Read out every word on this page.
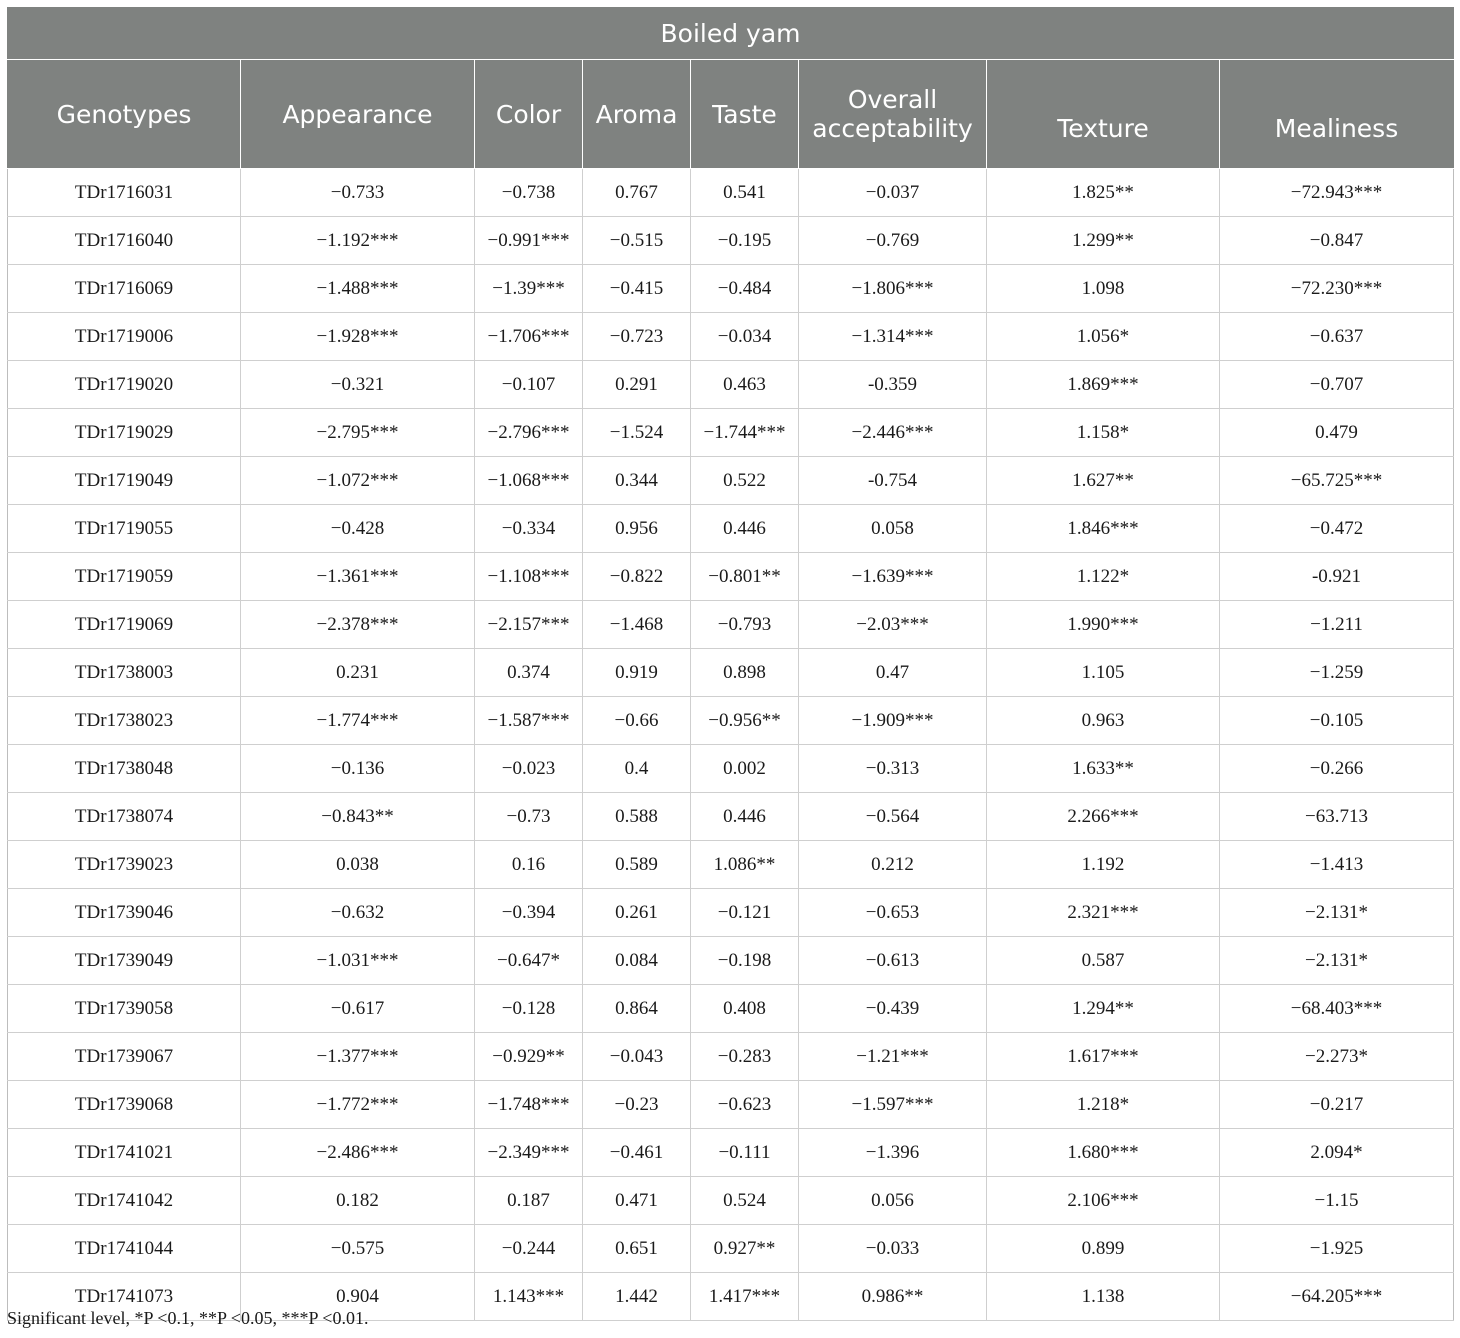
Boiled yam							
Genotypes	Appearance	Color	Aroma	Taste	Overall acceptability	Texture	Mealiness
TDr1716031	−0.733	−0.738	0.767	0.541	−0.037	1.825**	−72.943***
TDr1716040	−1.192***	−0.991***	−0.515	−0.195	−0.769	1.299**	−0.847
TDr1716069	−1.488***	−1.39***	−0.415	−0.484	−1.806***	1.098	−72.230***
TDr1719006	−1.928***	−1.706***	−0.723	−0.034	−1.314***	1.056*	−0.637
TDr1719020	−0.321	−0.107	0.291	0.463	-0.359	1.869***	−0.707
TDr1719029	−2.795***	−2.796***	−1.524	−1.744***	−2.446***	1.158*	0.479
TDr1719049	−1.072***	−1.068***	0.344	0.522	-0.754	1.627**	−65.725***
TDr1719055	−0.428	−0.334	0.956	0.446	0.058	1.846***	−0.472
TDr1719059	−1.361***	−1.108***	−0.822	−0.801**	−1.639***	1.122*	-0.921
TDr1719069	−2.378***	−2.157***	−1.468	−0.793	−2.03***	1.990***	−1.211
TDr1738003	0.231	0.374	0.919	0.898	0.47	1.105	−1.259
TDr1738023	−1.774***	−1.587***	−0.66	−0.956**	−1.909***	0.963	−0.105
TDr1738048	−0.136	−0.023	0.4	0.002	−0.313	1.633**	−0.266
TDr1738074	−0.843**	−0.73	0.588	0.446	−0.564	2.266***	−63.713
TDr1739023	0.038	0.16	0.589	1.086**	0.212	1.192	−1.413
TDr1739046	−0.632	−0.394	0.261	−0.121	−0.653	2.321***	−2.131*
TDr1739049	−1.031***	−0.647*	0.084	−0.198	−0.613	0.587	−2.131*
TDr1739058	−0.617	−0.128	0.864	0.408	−0.439	1.294**	−68.403***
TDr1739067	−1.377***	−0.929**	−0.043	−0.283	−1.21***	1.617***	−2.273*
TDr1739068	−1.772***	−1.748***	−0.23	−0.623	−1.597***	1.218*	−0.217
TDr1741021	−2.486***	−2.349***	−0.461	−0.111	−1.396	1.680***	2.094*
TDr1741042	0.182	0.187	0.471	0.524	0.056	2.106***	−1.15
TDr1741044	−0.575	−0.244	0.651	0.927**	−0.033	0.899	−1.925
TDr1741073	0.904	1.143***	1.442	1.417***	0.986**	1.138	−64.205***
Significant level, *P <0.1, **P <0.05, ***P <0.01.
